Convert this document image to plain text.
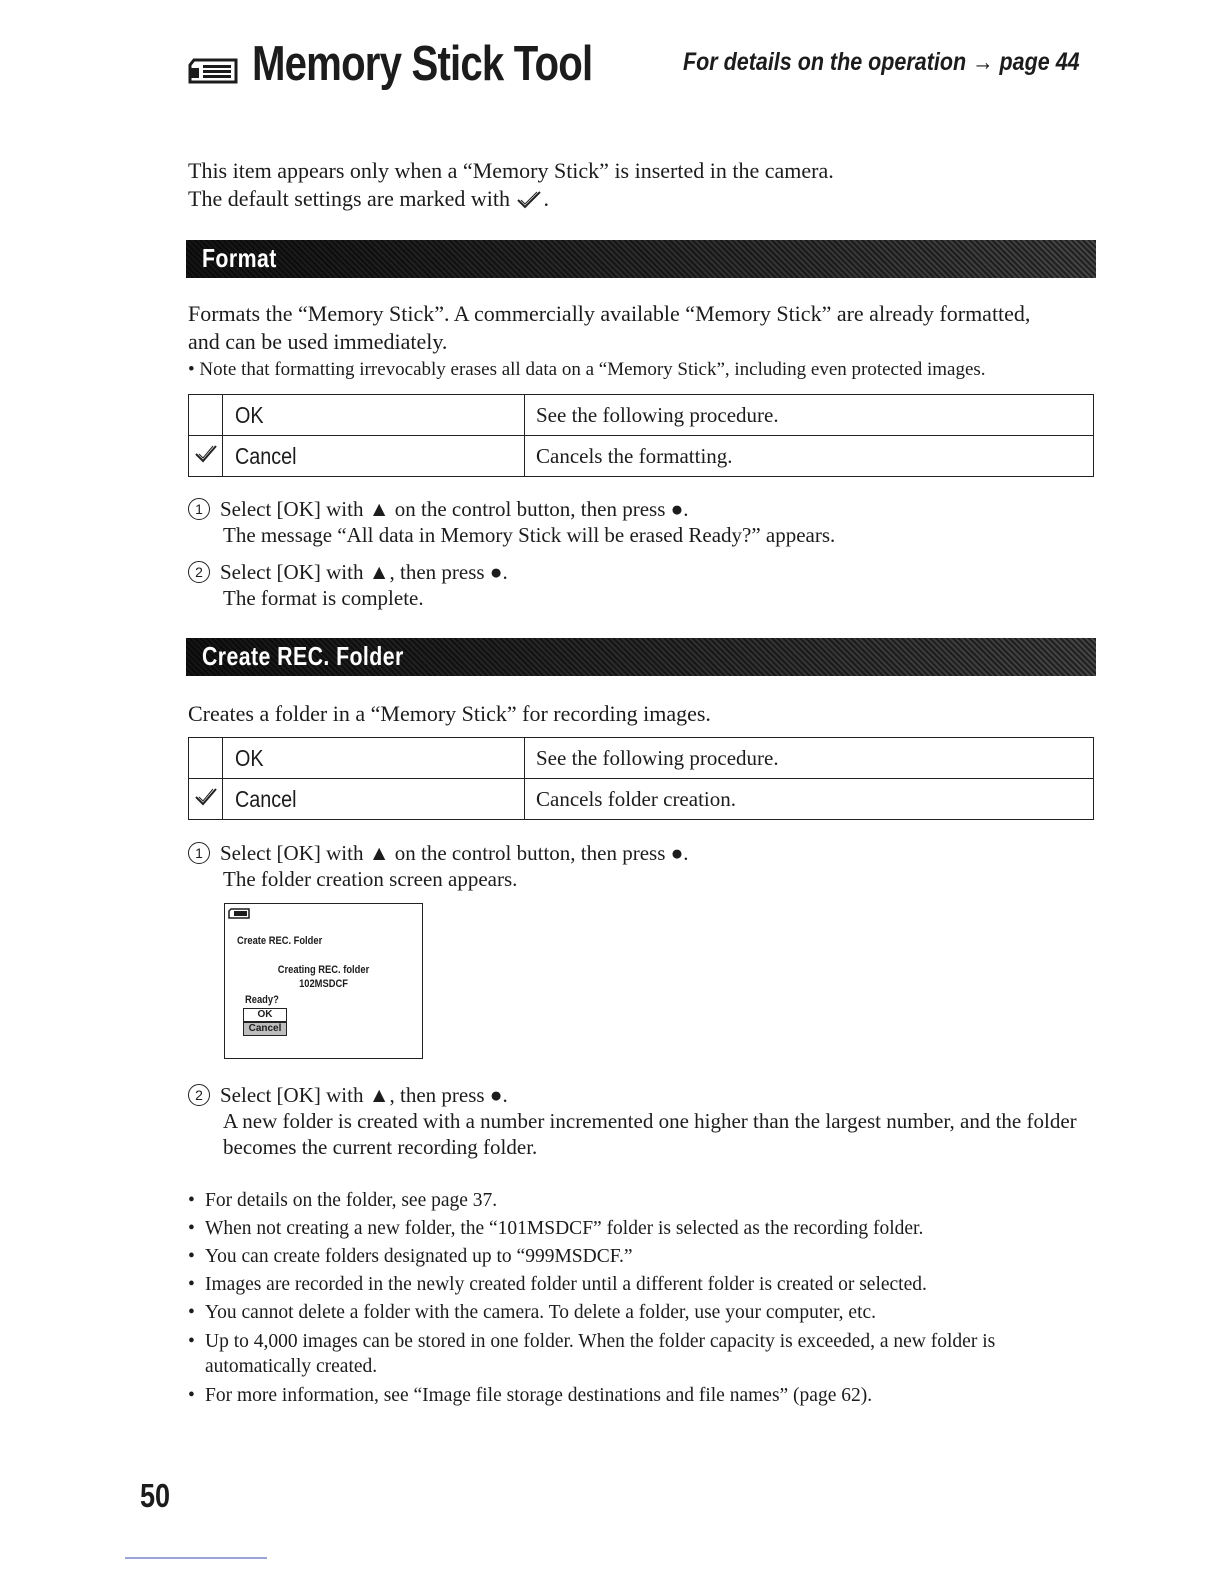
Memory Stick Tool	For details on the operation → page 44
This item appears only when a “Memory Stick” is inserted in the camera.
The default settings are marked with .
Format
Formats the “Memory Stick”. A commercially available “Memory Stick” are already formatted, and can be used immediately.
• Note that formatting irrevocably erases all data on a “Memory Stick”, including even protected images.
	OK	See the following procedure.
	Cancel	Cancels the formatting.
1 Select [OK] with ▲ on the control button, then press ●.
The message “All data in Memory Stick will be erased Ready?” appears.
2 Select [OK] with ▲, then press ●.
The format is complete.
Create REC. Folder
Creates a folder in a “Memory Stick” for recording images.
	OK	See the following procedure.
	Cancel	Cancels folder creation.
1 Select [OK] with ▲ on the control button, then press ●.
The folder creation screen appears.
Create REC. Folder
Creating REC. folder
102MSDCF
Ready?
OK
Cancel
2 Select [OK] with ▲, then press ●.
A new folder is created with a number incremented one higher than the largest number, and the folder becomes the current recording folder.
• For details on the folder, see page 37.
• When not creating a new folder, the “101MSDCF” folder is selected as the recording folder.
• You can create folders designated up to “999MSDCF.”
• Images are recorded in the newly created folder until a different folder is created or selected.
• You cannot delete a folder with the camera. To delete a folder, use your computer, etc.
• Up to 4,000 images can be stored in one folder. When the folder capacity is exceeded, a new folder is automatically created.
• For more information, see “Image file storage destinations and file names” (page 62).
50
